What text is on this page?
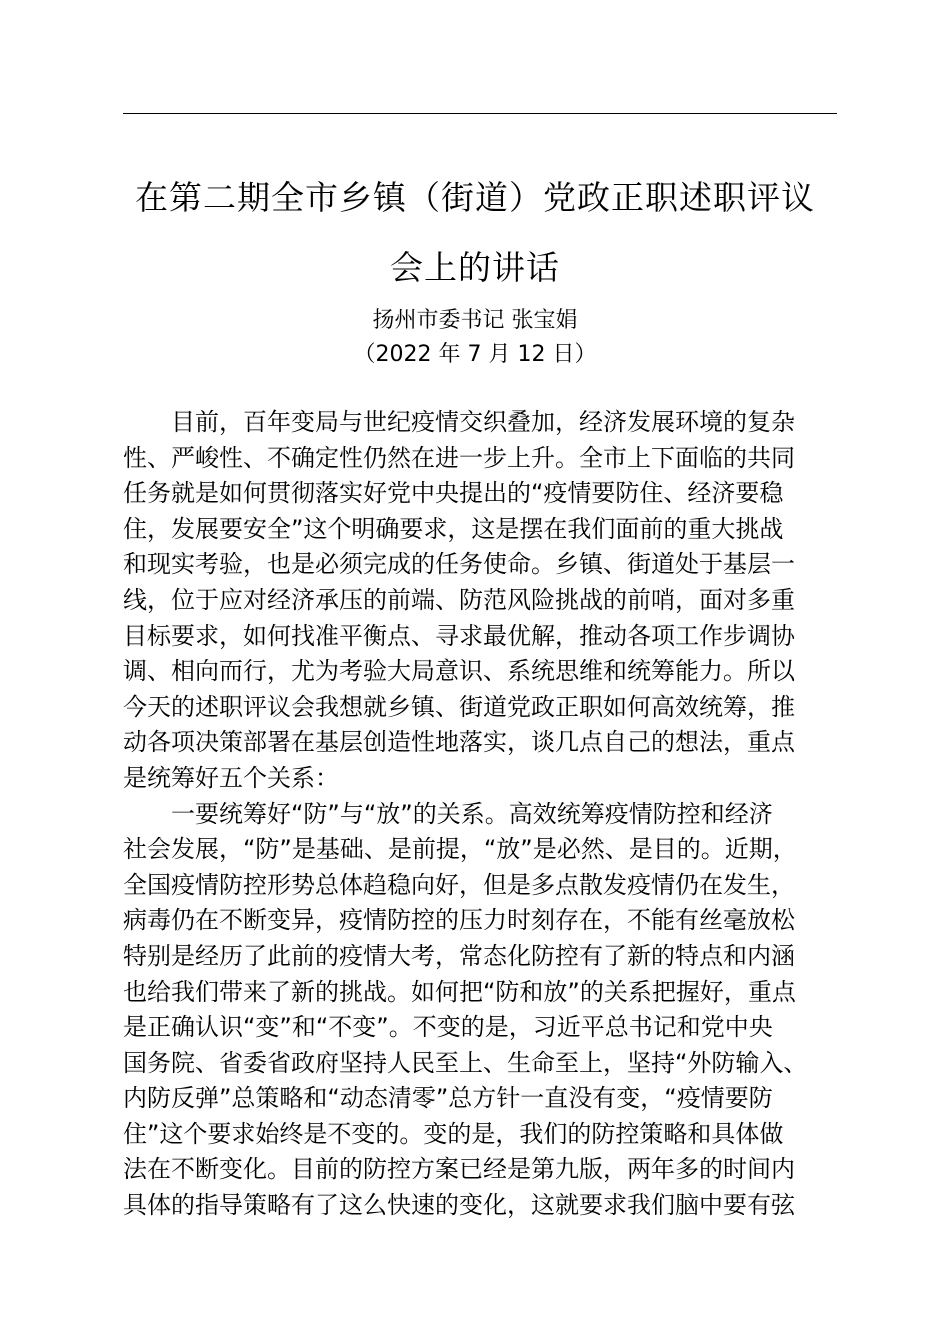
在第二期全市乡镇（街道）党政正职述职评议
会上的讲话
扬州市委书记 张宝娟
（2022 年 7 月 12 日）
　　目前，百年变局与世纪疫情交织叠加，经济发展环境的复杂
性、严峻性、不确定性仍然在进一步上升。全市上下面临的共同
任务就是如何贯彻落实好党中央提出的“疫情要防住、经济要稳
住，发展要安全”这个明确要求，这是摆在我们面前的重大挑战
和现实考验，也是必须完成的任务使命。乡镇、街道处于基层一
线，位于应对经济承压的前端、防范风险挑战的前哨，面对多重
目标要求，如何找准平衡点、寻求最优解，推动各项工作步调协
调、相向而行，尤为考验大局意识、系统思维和统筹能力。所以
今天的述职评议会我想就乡镇、街道党政正职如何高效统筹，推
动各项决策部署在基层创造性地落实，谈几点自己的想法，重点
是统筹好五个关系：
　　一要统筹好“防”与“放”的关系。高效统筹疫情防控和经济
社会发展，“防”是基础、是前提，“放”是必然、是目的。近期，
全国疫情防控形势总体趋稳向好，但是多点散发疫情仍在发生，
病毒仍在不断变异，疫情防控的压力时刻存在，不能有丝毫放松
特别是经历了此前的疫情大考，常态化防控有了新的特点和内涵
也给我们带来了新的挑战。如何把“防和放”的关系把握好，重点
是正确认识“变”和“不变”。不变的是，习近平总书记和党中央
国务院、省委省政府坚持人民至上、生命至上，坚持“外防输入、
内防反弹”总策略和“动态清零”总方针一直没有变，“疫情要防
住”这个要求始终是不变的。变的是，我们的防控策略和具体做
法在不断变化。目前的防控方案已经是第九版，两年多的时间内
具体的指导策略有了这么快速的变化，这就要求我们脑中要有弦
